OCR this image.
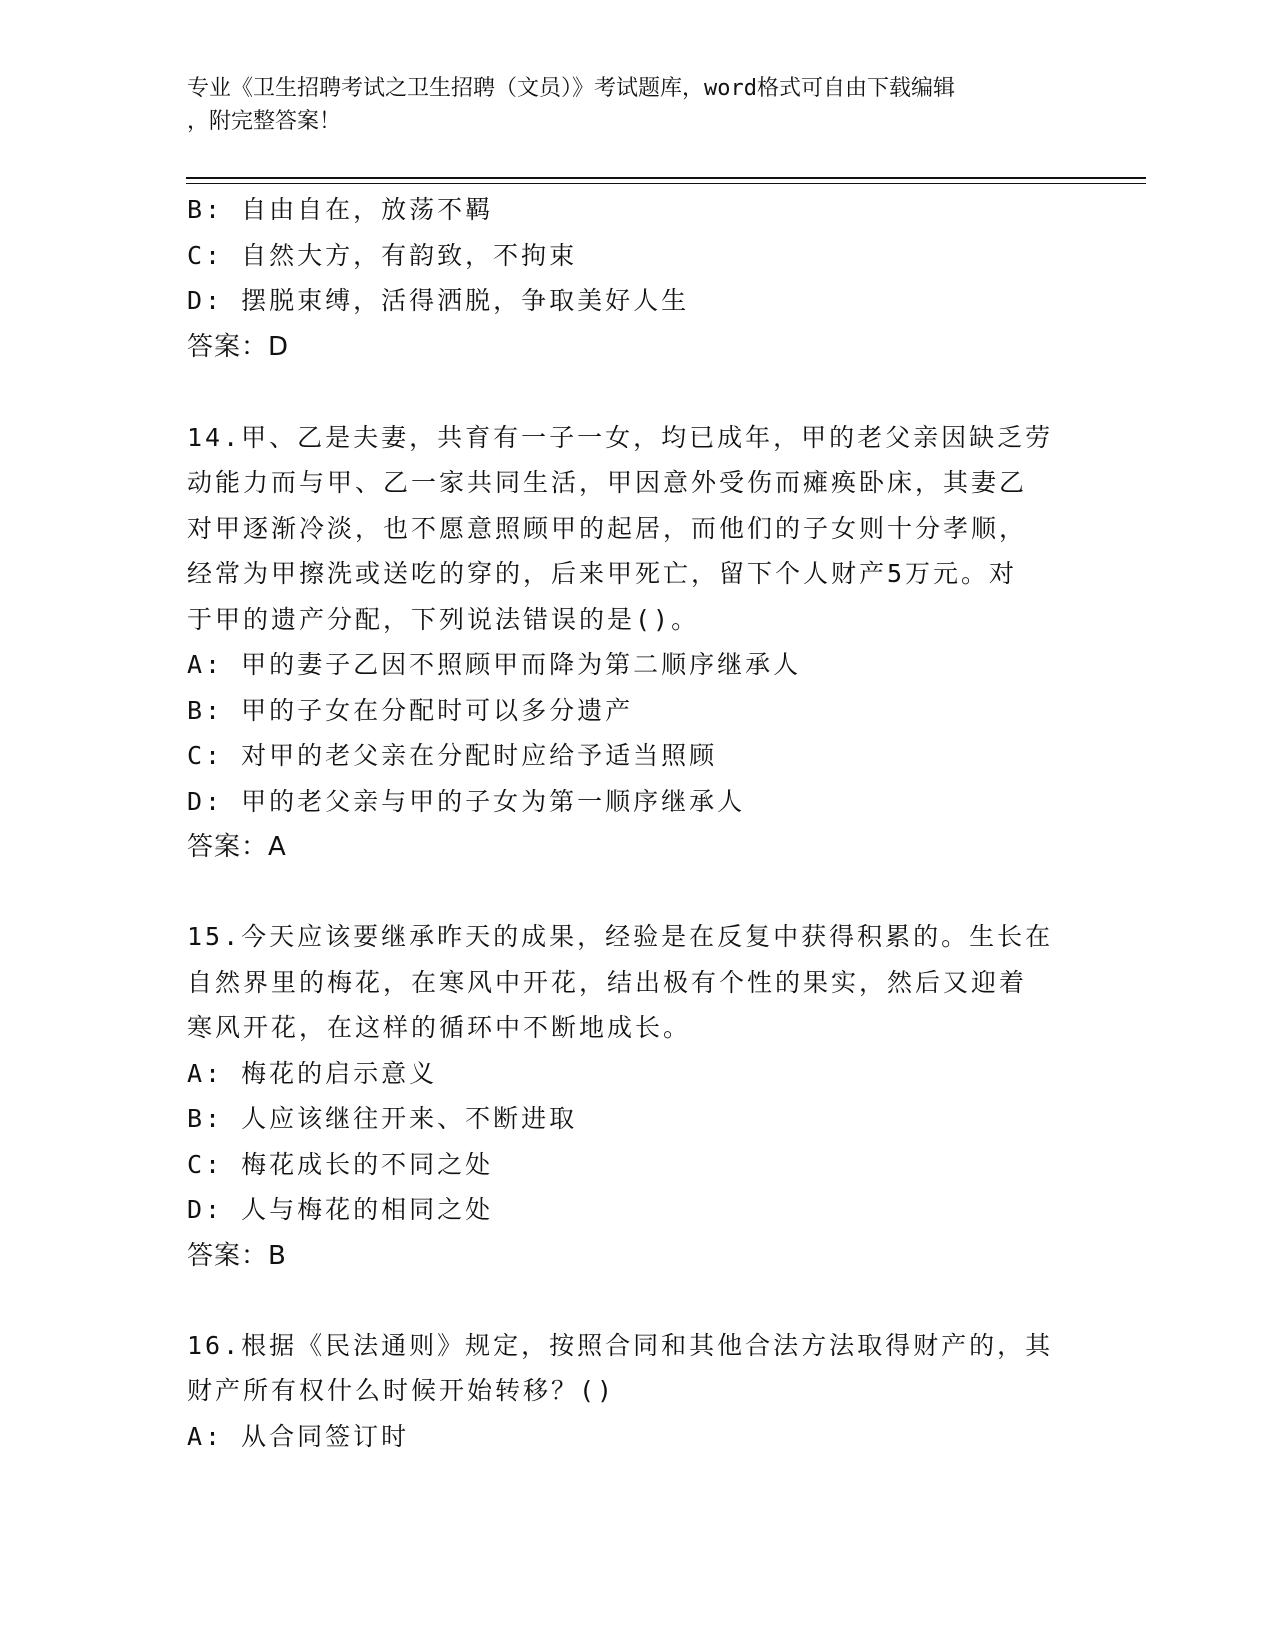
专业《卫生招聘考试之卫生招聘（文员）》考试题库，word格式可自由下载编辑
，附完整答案！

B: 自由自在，放荡不羁

C: 自然大方，有韵致，不拘束

D: 摆脱束缚，活得洒脱，争取美好人生

答案：D

14.甲、乙是夫妻，共育有一子一女，均已成年，甲的老父亲因缺乏劳

动能力而与甲、乙一家共同生活，甲因意外受伤而瘫痪卧床，其妻乙

对甲逐渐冷淡，也不愿意照顾甲的起居，而他们的子女则十分孝顺，

经常为甲擦洗或送吃的穿的，后来甲死亡，留下个人财产5万元。对

于甲的遗产分配，下列说法错误的是()。

A: 甲的妻子乙因不照顾甲而降为第二顺序继承人

B: 甲的子女在分配时可以多分遗产

C: 对甲的老父亲在分配时应给予适当照顾

D: 甲的老父亲与甲的子女为第一顺序继承人

答案：A

15.今天应该要继承昨天的成果，经验是在反复中获得积累的。生长在

自然界里的梅花，在寒风中开花，结出极有个性的果实，然后又迎着

寒风开花，在这样的循环中不断地成长。

A: 梅花的启示意义

B: 人应该继往开来、不断进取

C: 梅花成长的不同之处

D: 人与梅花的相同之处

答案：B

16.根据《民法通则》规定，按照合同和其他合法方法取得财产的，其

财产所有权什么时候开始转移？()

A: 从合同签订时
